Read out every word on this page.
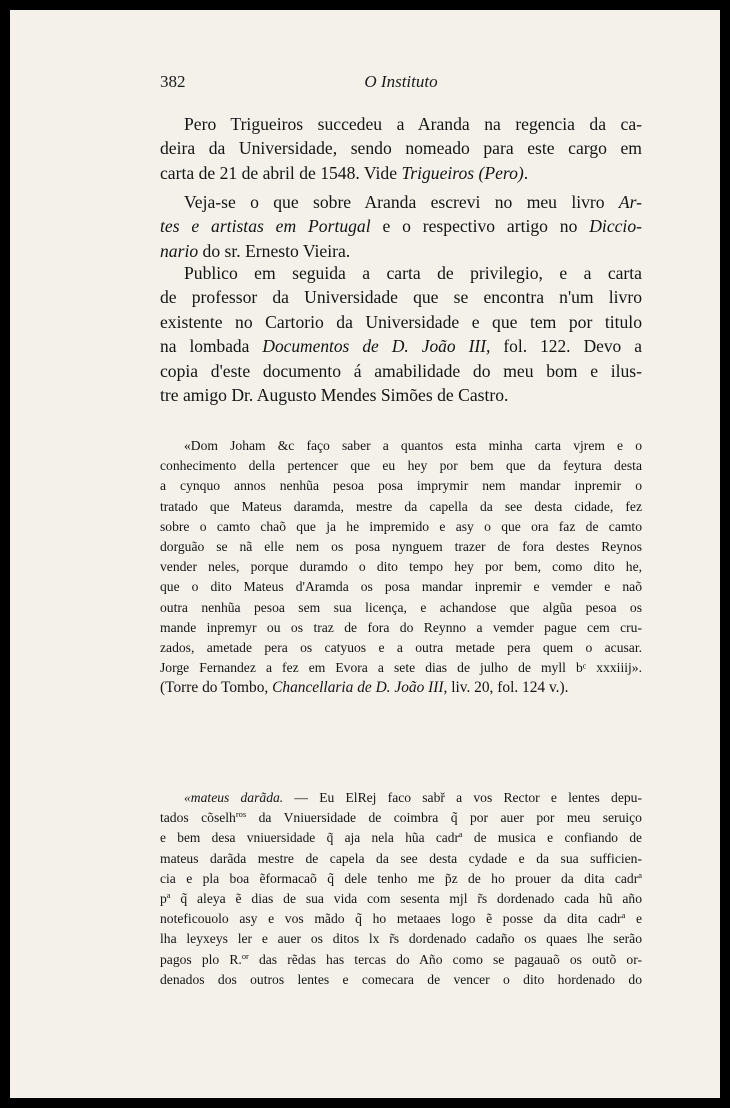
382	O Instituto
Pero Trigueiros succedeu a Aranda na regencia da ca-
deira da Universidade, sendo nomeado para este cargo em
carta de 21 de abril de 1548. Vide Trigueiros (Pero).
Veja-se o que sobre Aranda escrevi no meu livro Ar-
tes e artistas em Portugal e o respectivo artigo no Diccio-
nario do sr. Ernesto Vieira.
Publico em seguida a carta de privilegio, e a carta
de professor da Universidade que se encontra n'um livro
existente no Cartorio da Universidade e que tem por titulo
na lombada Documentos de D. João III, fol. 122. Devo a
copia d'este documento á amabilidade do meu bom e ilus-
tre amigo Dr. Augusto Mendes Simões de Castro.
«Dom Joham &c faço saber a quantos esta minha carta vjrem e o
conhecimento della pertencer que eu hey por bem que da feytura desta
a cynquo annos nenhũa pesoa posa imprymir nem mandar inpremir o
tratado que Mateus daramda, mestre da capella da see desta cidade, fez
sobre o camto chaõ que ja he impremido e asy o que ora faz de camto
dorguão se nã elle nem os posa nynguem trazer de fora destes Reynos
vender neles, porque duramdo o dito tempo hey por bem, como dito he,
que o dito Mateus d'Aramda os posa mandar inpremir e vemder e naõ
outra nenhũa pesoa sem sua licença, e achandose que algũa pesoa os
mande inpremyr ou os traz de fora do Reynno a vemder pague cem cru-
zados, ametade pera os catyuos e a outra metade pera quem o acusar.
Jorge Fernandez a fez em Evora a sete dias de julho de myll bᶜ xxxiiij».
(Torre do Tombo, Chancellaria de D. João III, liv. 20, fol. 124 v.).
«mateus darãda. — Eu ElRej faco sabř a vos Rector e lentes depu-
tados cõselh$^{ros}$ da Vniuersidade de coimbra q̃ por auer por meu seruiço
e bem desa vniuersidade q̃ aja nela hũa cadr$^a$ de musica e confiando de
mateus darãda mestre de capela da see desta cydade e da sua sufficien-
cia e pla boa ẽformacaõ q̃ dele tenho me p̃z de ho prouer da dita cadr$^a$
$p^a$ q̃ aleya ẽ dias de sua vida com sesenta mjl r̃s dordenado cada hũ año
noteficouolo asy e vos mãdo q̃ ho metaaes logo ẽ posse da dita cadr$^a$ e
lha leyxeys ler e auer os ditos lx r̃s dordenado cadaño os quaes lhe serão
pagos plo R.$^{or}$ das rẽdas has tercas do Año como se pagauaõ os outõ or-
denados dos outros lentes e comecara de vencer o dito hordenado do
